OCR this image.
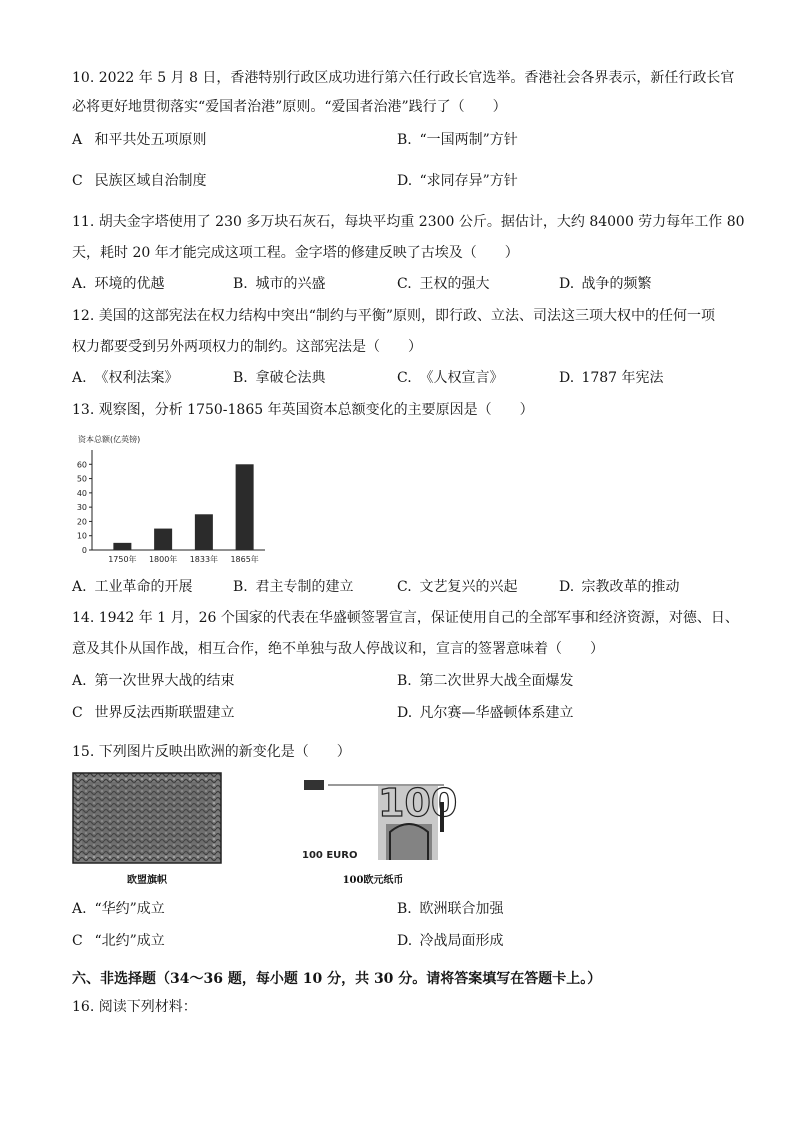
10. 2022 年 5 月 8 日，香港特别行政区成功进行第六任行政长官选举。香港社会各界表示，新任行政长官
必将更好地贯彻落实“爱国者治港”原则。“爱国者治港”践行了（　　）
A 和平共处五项原则	B. “一国两制”方针
C 民族区域自治制度	D. “求同存异”方针
11. 胡夫金字塔使用了 230 多万块石灰石，每块平均重 2300 公斤。据估计，大约 84000 劳力每年工作 80
天，耗时 20 年才能完成这项工程。金字塔的修建反映了古埃及（　　）
A. 环境的优越	B. 城市的兴盛	C. 王权的强大	D. 战争的频繁
12. 美国的这部宪法在权力结构中突出“制约与平衡”原则，即行政、立法、司法这三项大权中的任何一项
权力都要受到另外两项权力的制约。这部宪法是（　　）
A. 《权利法案》	B. 拿破仑法典	C. 《人权宣言》	D. 1787 年宪法
13. 观察图，分析 1750-1865 年英国资本总额变化的主要原因是（　　）
资本总额(亿英镑)
0
10
20
30
40
50
60
1750年 1800年 1833年 1865年
A. 工业革命的开展	B. 君主专制的建立	C. 文艺复兴的兴起	D. 宗教改革的推动
14. 1942 年 1 月，26 个国家的代表在华盛顿签署宣言，保证使用自己的全部军事和经济资源，对德、日、
意及其仆从国作战，相互合作，绝不单独与敌人停战议和，宣言的签署意味着（　　）
A. 第一次世界大战的结束	B. 第二次世界大战全面爆发
C 世界反法西斯联盟建立	D. 凡尔赛—华盛顿体系建立
15. 下列图片反映出欧洲的新变化是（　　）
欧盟旗帜
100
100 EURO
100欧元纸币
A. “华约”成立	B. 欧洲联合加强
C “北约”成立	D. 冷战局面形成
六、非选择题（34～36 题，每小题 10 分，共 30 分。请将答案填写在答题卡上。）
16. 阅读下列材料：
